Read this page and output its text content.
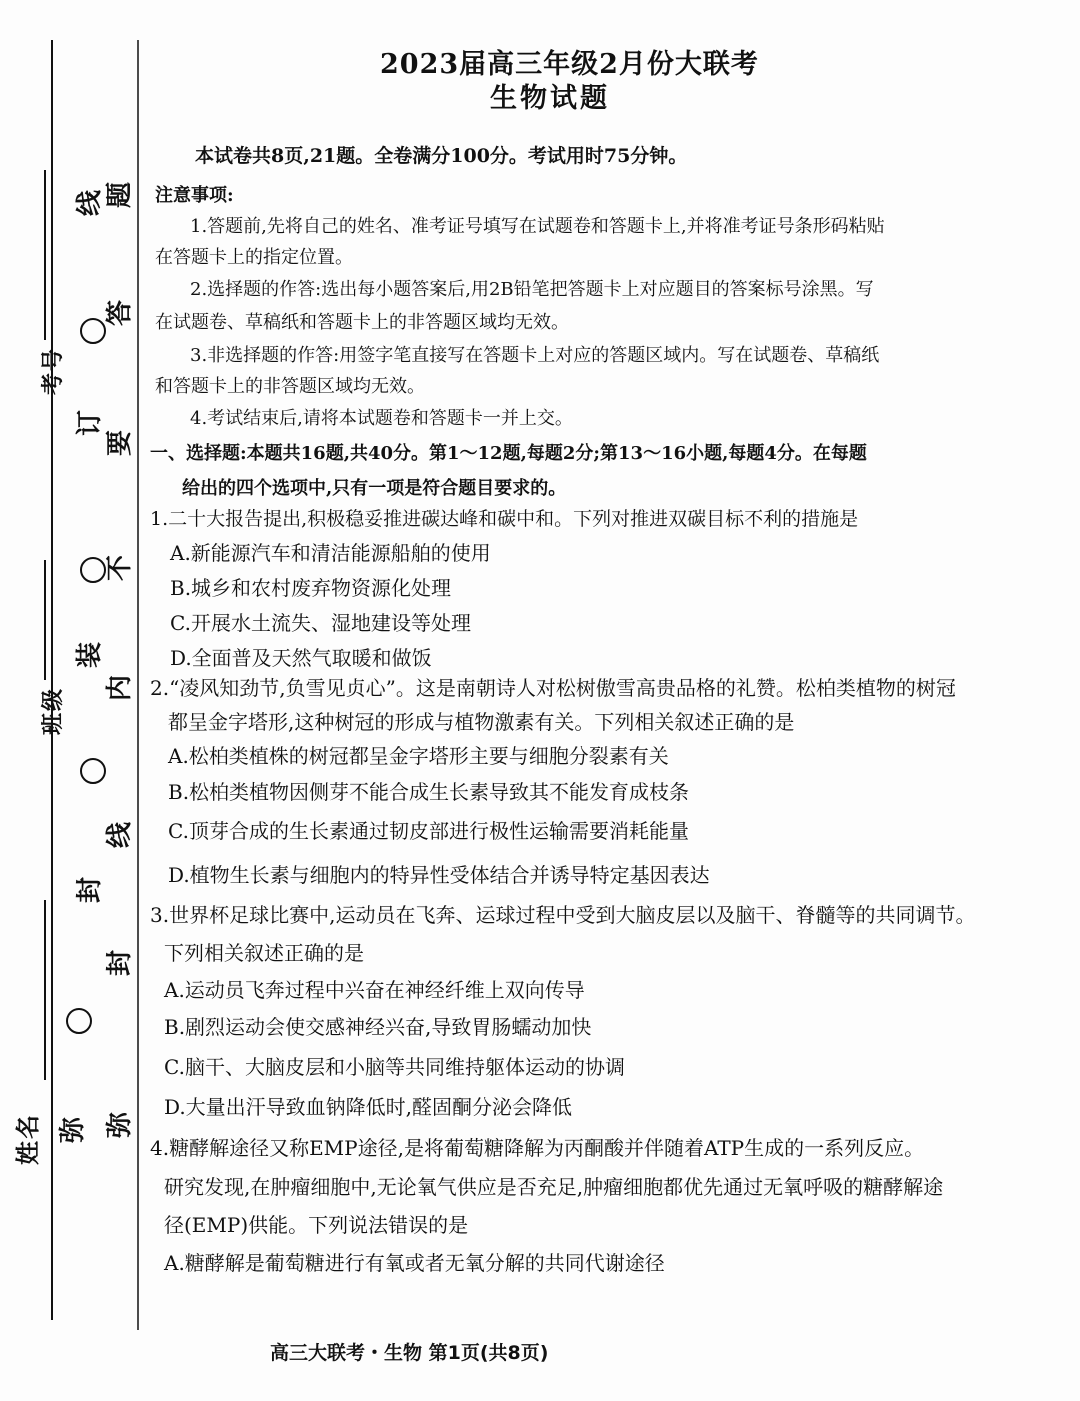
考号
班级
姓名
线
订
装
封
弥
题
答
要
不
内
线
封
弥
2023届高三年级2月份大联考
生物试题
本试卷共8页,21题。全卷满分100分。考试用时75分钟。
注意事项:
1.答题前,先将自己的姓名、准考证号填写在试题卷和答题卡上,并将准考证号条形码粘贴
在答题卡上的指定位置。
2.选择题的作答:选出每小题答案后,用2B铅笔把答题卡上对应题目的答案标号涂黑。写
在试题卷、草稿纸和答题卡上的非答题区域均无效。
3.非选择题的作答:用签字笔直接写在答题卡上对应的答题区域内。写在试题卷、草稿纸
和答题卡上的非答题区域均无效。
4.考试结束后,请将本试题卷和答题卡一并上交。
一、选择题:本题共16题,共40分。第1～12题,每题2分;第13～16小题,每题4分。在每题
给出的四个选项中,只有一项是符合题目要求的。
1.二十大报告提出,积极稳妥推进碳达峰和碳中和。下列对推进双碳目标不利的措施是
A.新能源汽车和清洁能源船舶的使用
B.城乡和农村废弃物资源化处理
C.开展水土流失、湿地建设等处理
D.全面普及天然气取暖和做饭
2.“凌风知劲节,负雪见贞心”。这是南朝诗人对松树傲雪高贵品格的礼赞。松柏类植物的树冠
都呈金字塔形,这种树冠的形成与植物激素有关。下列相关叙述正确的是
A.松柏类植株的树冠都呈金字塔形主要与细胞分裂素有关
B.松柏类植物因侧芽不能合成生长素导致其不能发育成枝条
C.顶芽合成的生长素通过韧皮部进行极性运输需要消耗能量
D.植物生长素与细胞内的特异性受体结合并诱导特定基因表达
3.世界杯足球比赛中,运动员在飞奔、运球过程中受到大脑皮层以及脑干、脊髓等的共同调节。
下列相关叙述正确的是
A.运动员飞奔过程中兴奋在神经纤维上双向传导
B.剧烈运动会使交感神经兴奋,导致胃肠蠕动加快
C.脑干、大脑皮层和小脑等共同维持躯体运动的协调
D.大量出汗导致血钠降低时,醛固酮分泌会降低
4.糖酵解途径又称EMP途径,是将葡萄糖降解为丙酮酸并伴随着ATP生成的一系列反应。
研究发现,在肿瘤细胞中,无论氧气供应是否充足,肿瘤细胞都优先通过无氧呼吸的糖酵解途
径(EMP)供能。下列说法错误的是
A.糖酵解是葡萄糖进行有氧或者无氧分解的共同代谢途径
高三大联考・生物 第1页(共8页)
